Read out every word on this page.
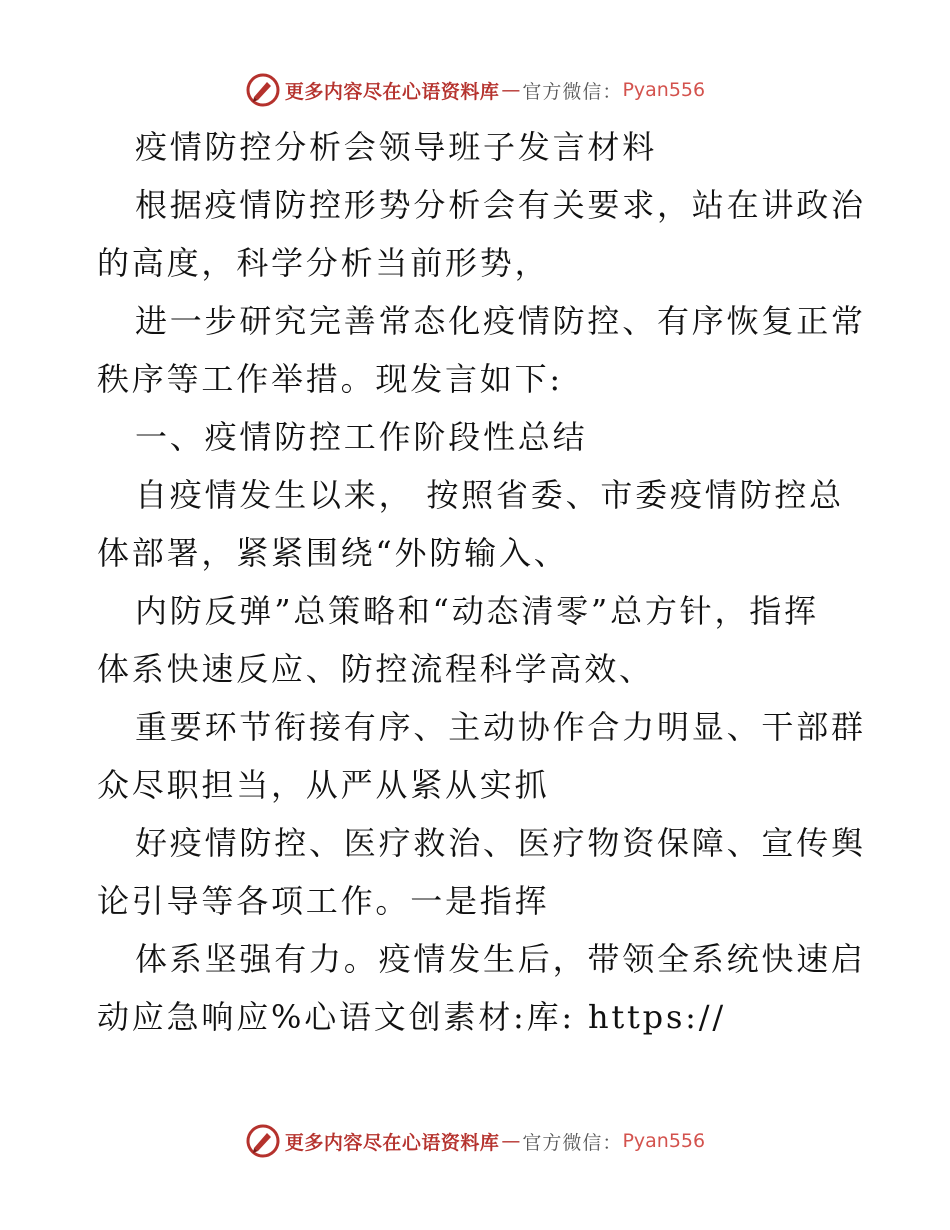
更多内容尽在心语资料库 — 官方微信： Pyan556
疫情防控分析会领导班子发言材料
根据疫情防控形势分析会有关要求，站在讲政治
的高度，科学分析当前形势，
进一步研究完善常态化疫情防控、有序恢复正常
秩序等工作举措。现发言如下:
一、疫情防控工作阶段性总结
自疫情发生以来， 按照省委、市委疫情防控总
体部署，紧紧围绕“外防输入、
内防反弹”总策略和“动态清零”总方针，指挥
体系快速反应、防控流程科学高效、
重要环节衔接有序、主动协作合力明显、干部群
众尽职担当，从严从紧从实抓
好疫情防控、医疗救治、医疗物资保障、宣传舆
论引导等各项工作。一是指挥
体系坚强有力。疫情发生后，带领全系统快速启
动应急响应%心语文创素材:库: https://
更多内容尽在心语资料库 — 官方微信： Pyan556
